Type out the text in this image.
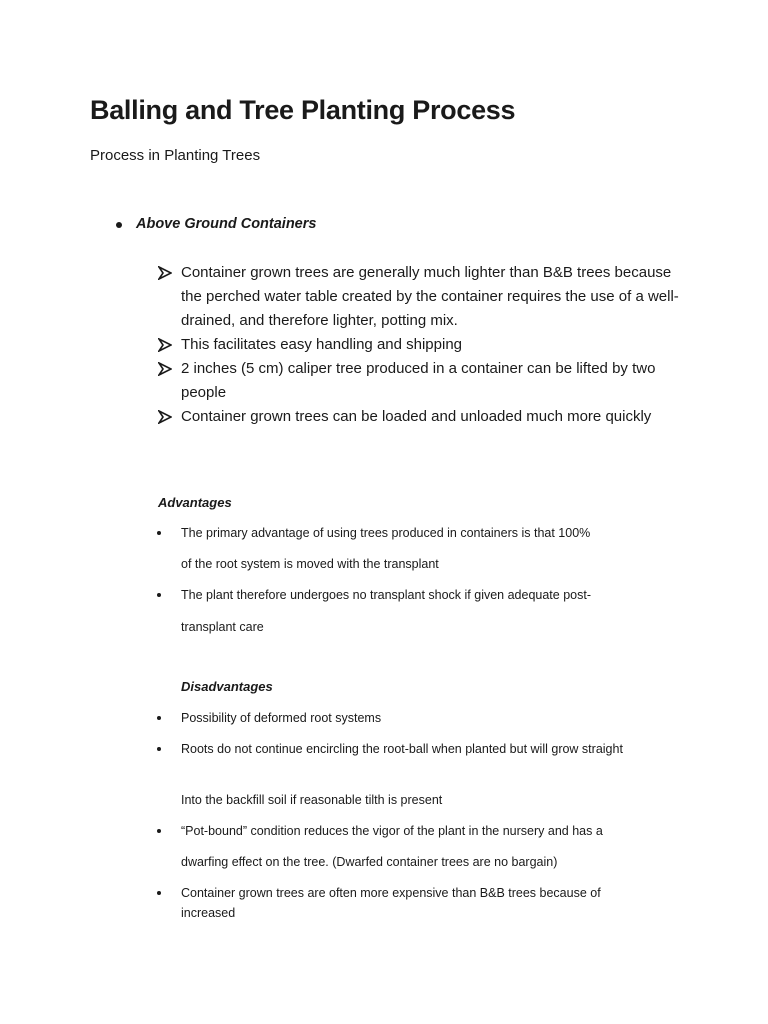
Balling and Tree Planting Process
Process in Planting Trees
Above Ground Containers
Container grown trees are generally much lighter than B&B trees because the perched water table created by the container requires the use of a well-drained, and therefore lighter, potting mix.
This facilitates easy handling and shipping
2 inches (5 cm) caliper tree produced in a container can be lifted by two people
Container grown trees can be loaded and unloaded much more quickly
Advantages
The primary advantage of using trees produced in containers is that 100%
of the root system is moved with the transplant
The plant therefore undergoes no transplant shock if given adequate post-
transplant care
Disadvantages
Possibility of deformed root systems
Roots do not continue encircling the root-ball when planted but will grow straight
Into the backfill soil if reasonable tilth is present
“Pot-bound” condition reduces the vigor of the plant in the nursery and has a
dwarfing effect on the tree. (Dwarfed container trees are no bargain)
Container grown trees are often more expensive than B&B trees because of increased
